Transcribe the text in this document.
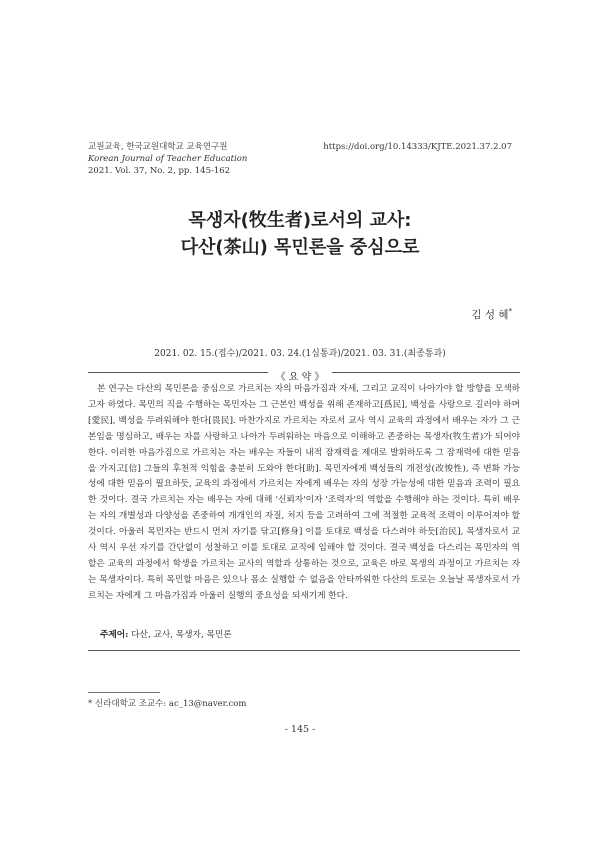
교원교육, 한국교원대학교 교육연구원
Korean Journal of Teacher Education
2021. Vol. 37, No. 2, pp. 145-162
https://doi.org/10.14333/KJTE.2021.37.2.07
목생자(牧生者)로서의 교사:
다산(茶山) 목민론을 중심으로
김 성 혜*
2021. 02. 15.(접수)/2021. 03. 24.(1심통과)/2021. 03. 31.(최종통과)
《 요 약 》
본 연구는 다산의 목민론을 중심으로 가르치는 자의 마음가짐과 자세, 그리고 교직이 나아가야 할 방향을 모색하고자 하였다. 목민의 직을 수행하는 목민자는 그 근본인 백성을 위해 존재하고[爲民], 백성을 사랑으로 길러야 하며[愛民], 백성을 두려워해야 한다[畏民]. 마찬가지로 가르치는 자로서 교사 역시 교육의 과정에서 배우는 자가 그 근본임을 명심하고, 배우는 자를 사랑하고 나아가 두려워하는 마음으로 이해하고 존중하는 목생자(牧生者)가 되어야 한다. 이러한 마음가짐으로 가르치는 자는 배우는 자들이 내적 잠재력을 제대로 발휘하도록 그 잠재력에 대한 믿음을 가지고[信] 그들의 후천적 익힘을 충분히 도와야 한다[助]. 목민자에게 백성들의 개전성(改悛性), 즉 변화 가능성에 대한 믿음이 필요하듯, 교육의 과정에서 가르치는 자에게 배우는 자의 성장 가능성에 대한 믿음과 조력이 필요한 것이다. 결국 가르치는 자는 배우는 자에 대해 '신뢰자'이자 '조력자'의 역할을 수행해야 하는 것이다. 특히 배우는 자의 개별성과 다양성을 존중하여 개개인의 자질, 처지 등을 고려하여 그에 적절한 교육적 조력이 이루어져야 할 것이다. 아울러 목민자는 반드시 먼저 자기를 닦고[修身] 이를 토대로 백성을 다스려야 하듯[治民], 목생자로서 교사 역시 우선 자기를 간단없이 성찰하고 이를 토대로 교직에 임해야 할 것이다. 결국 백성을 다스리는 목민자의 역할은 교육의 과정에서 학생을 가르치는 교사의 역할과 상통하는 것으로, 교육은 바로 목생의 과정이고 가르치는 자는 목생자이다. 특히 목민할 마음은 있으나 몸소 실행할 수 없음을 안타까워한 다산의 토로는 오늘날 목생자로서 가르치는 자에게 그 마음가짐과 아울러 실행의 중요성을 되새기게 한다.
주제어: 다산, 교사, 목생자, 목민론
* 신라대학교 조교수: ac_13@naver.com
- 145 -
